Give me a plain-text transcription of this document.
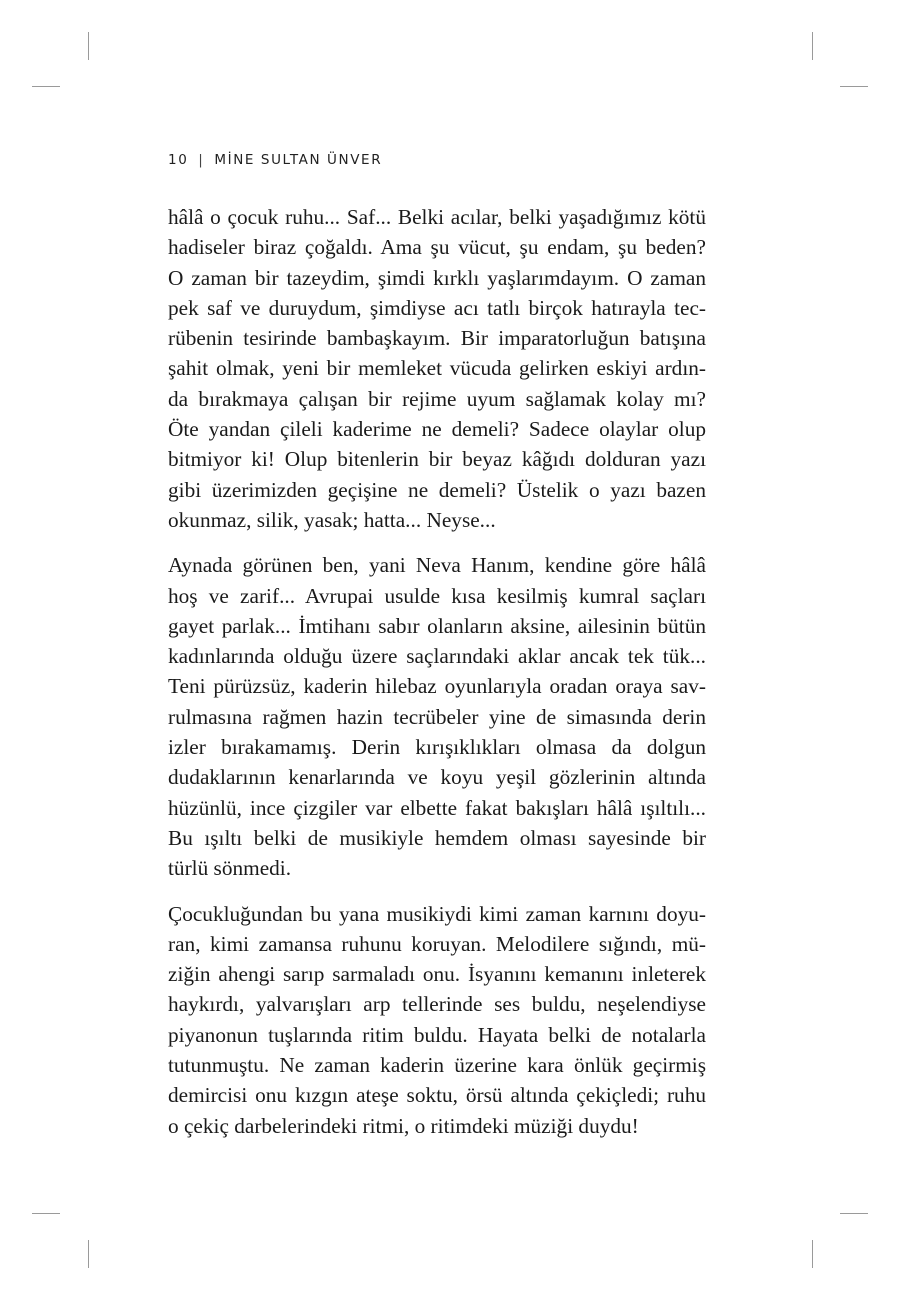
10 | MİNE SULTAN ÜNVER
hâlâ o çocuk ruhu... Saf... Belki acılar, belki yaşadığımız kötü
hadiseler biraz çoğaldı. Ama şu vücut, şu endam, şu beden?
O zaman bir tazeydim, şimdi kırklı yaşlarımdayım. O zaman
pek saf ve duruydum, şimdiyse acı tatlı birçok hatırayla tec-
rübenin tesirinde bambaşkayım. Bir imparatorluğun batışına
şahit olmak, yeni bir memleket vücuda gelirken eskiyi ardın-
da bırakmaya çalışan bir rejime uyum sağlamak kolay mı?
Öte yandan çileli kaderime ne demeli? Sadece olaylar olup
bitmiyor ki! Olup bitenlerin bir beyaz kâğıdı dolduran yazı
gibi üzerimizden geçişine ne demeli? Üstelik o yazı bazen
okunmaz, silik, yasak; hatta... Neyse...
Aynada görünen ben, yani Neva Hanım, kendine göre hâlâ
hoş ve zarif... Avrupai usulde kısa kesilmiş kumral saçları
gayet parlak... İmtihanı sabır olanların aksine, ailesinin bütün
kadınlarında olduğu üzere saçlarındaki aklar ancak tek tük...
Teni pürüzsüz, kaderin hilebaz oyunlarıyla oradan oraya sav-
rulmasına rağmen hazin tecrübeler yine de simasında derin
izler bırakamamış. Derin kırışıklıkları olmasa da dolgun
dudaklarının kenarlarında ve koyu yeşil gözlerinin altında
hüzünlü, ince çizgiler var elbette fakat bakışları hâlâ ışıltılı...
Bu ışıltı belki de musikiyle hemdem olması sayesinde bir
türlü sönmedi.
Çocukluğundan bu yana musikiydi kimi zaman karnını doyu-
ran, kimi zamansa ruhunu koruyan. Melodilere sığındı, mü-
ziğin ahengi sarıp sarmaladı onu. İsyanını kemanını inleterek
haykırdı, yalvarışları arp tellerinde ses buldu, neşelendiyse
piyanonun tuşlarında ritim buldu. Hayata belki de notalarla
tutunmuştu. Ne zaman kaderin üzerine kara önlük geçirmiş
demircisi onu kızgın ateşe soktu, örsü altında çekiçledi; ruhu
o çekiç darbelerindeki ritmi, o ritimdeki müziği duydu!
